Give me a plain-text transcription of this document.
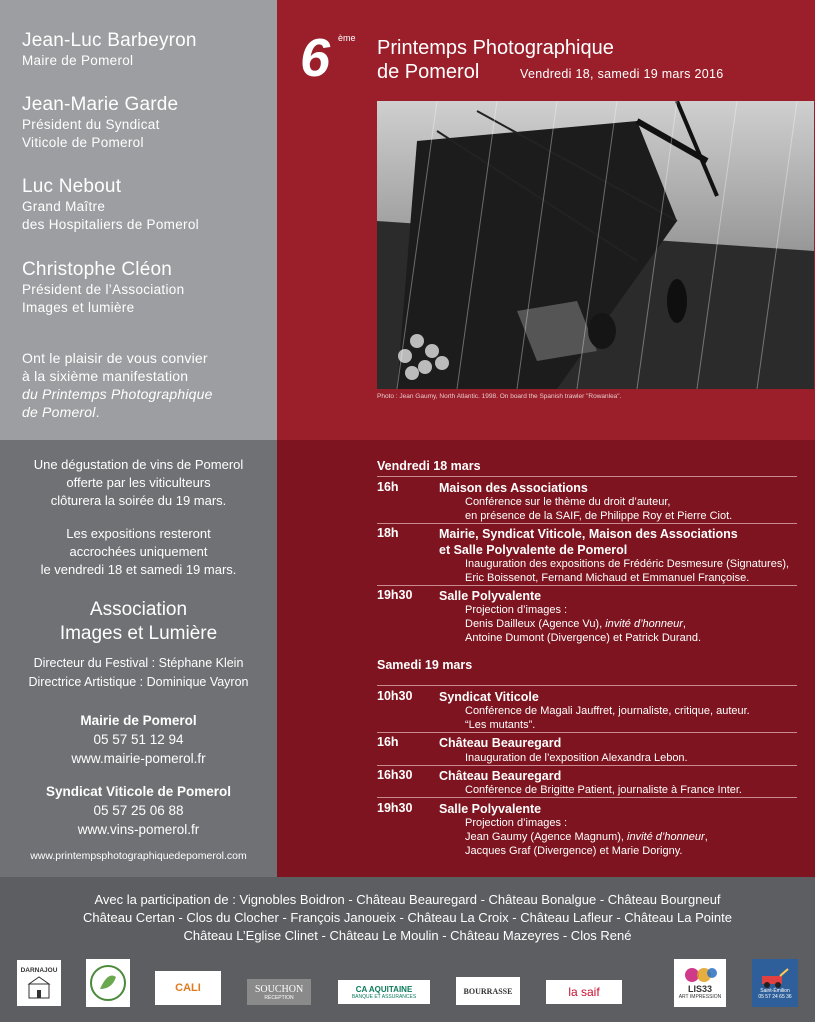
Jean-Luc Barbeyron
Maire de Pomerol
Jean-Marie Garde
Président du Syndicat
Viticole de Pomerol
Luc Nebout
Grand Maître
des Hospitaliers de Pomerol
Christophe Cléon
Président de l’Association
Images et lumière
Ont le plaisir de vous convier
à la sixième manifestation
du Printemps Photographique
de Pomerol.
Une dégustation de vins de Pomerol
offerte par les viticulteurs
clôturera la soirée du 19 mars.
Les expositions resteront
accrochées uniquement
le vendredi 18 et samedi 19 mars.
Association
Images et Lumière
Directeur du Festival : Stéphane Klein
Directrice Artistique : Dominique Vayron
Mairie de Pomerol
05 57 51 12 94
www.mairie-pomerol.fr
Syndicat Viticole de Pomerol
05 57 25 06 88
www.vins-pomerol.fr
www.printempsphotographiquedepomerol.com
6 ème Printemps Photographique
de Pomerol	Vendredi 18, samedi 19 mars 2016
Photo : Jean Gaumy, North Atlantic. 1998. On board the Spanish trawler "Rowanlea".
Vendredi 18 mars
16h	Maison des Associations
Conférence sur le thème du droit d’auteur,
en présence de la SAIF, de Philippe Roy et Pierre Ciot.
18h	Mairie, Syndicat Viticole, Maison des Associations
et Salle Polyvalente de Pomerol
Inauguration des expositions de Frédéric Desmesure (Signatures),
Eric Boissenot, Fernand Michaud et Emmanuel Françoise.
19h30 Salle Polyvalente
Projection d’images :
Denis Dailleux (Agence Vu), invité d’honneur,
Antoine Dumont (Divergence) et Patrick Durand.
Samedi 19 mars
10h30 Syndicat Viticole
Conférence de Magali Jauffret, journaliste, critique, auteur.
“Les mutants”.
16h	Château Beauregard
Inauguration de l’exposition Alexandra Lebon.
16h30 Château Beauregard
Conférence de Brigitte Patient, journaliste à France Inter.
19h30 Salle Polyvalente
Projection d’images :
Jean Gaumy (Agence Magnum), invité d’honneur,
Jacques Graf (Divergence) et Marie Dorigny.
Avec la participation de : Vignobles Boidron - Château Beauregard - Château Bonalgue - Château Bourgneuf
Château Certan - Clos du Clocher - François Janoueix - Château La Croix - Château Lafleur - Château La Pointe
Château L’Eglise Clinet - Château Le Moulin - Château Mazeyres - Clos René
DARNAJOU
CALI	SOUCHON
RÉCEPTION
CA AQUITAINE
BANQUE ET ASSURANCES
BOURRASSE	la saif	LIS33
ART IMPRESSION
Saint-Émilion
05 57 24 65 36
